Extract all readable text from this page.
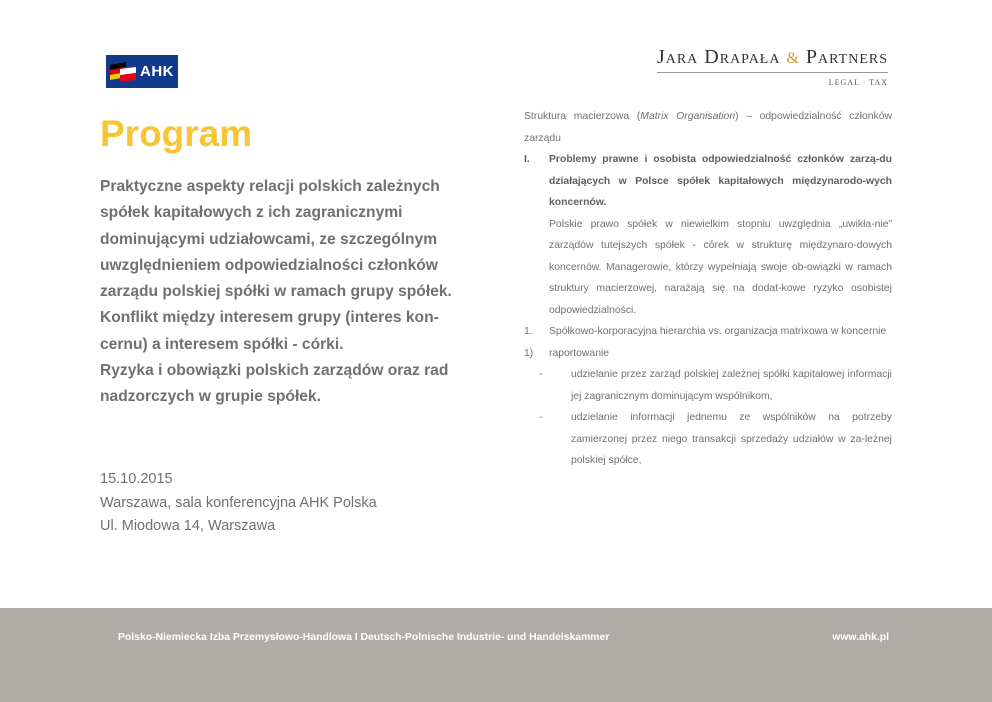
AHK
Jara Drapała & Partners
LEGAL · TAX
Program

Praktyczne aspekty relacji polskich zależnych spółek kapitałowych z ich zagranicznymi dominującymi udziałowcami, ze szczególnym uwzględnieniem odpowiedzialności członków zarządu polskiej spółki w ramach grupy spółek.

Konflikt między interesem grupy (interes kon-cernu) a interesem spółki - córki.

Ryzyka i obowiązki polskich zarządów oraz rad nadzorczych w grupie spółek.

15.10.2015
Warszawa, sala konferencyjna AHK Polska
Ul. Miodowa 14, Warszawa
Struktura macierzowa (Matrix Organisation) – odpowiedzialność członków zarządu
I.	Problemy prawne i osobista odpowiedzialność członków zarzą-du działających w Polsce spółek kapitałowych międzynarodo-wych koncernów.
Polskie prawo spółek w niewielkim stopniu uwzględnia „uwikła-nie” zarządów tutejszych spółek - córek w strukturę międzynaro-dowych koncernów. Managerowie, którzy wypełniają swoje ob-owiązki w ramach struktury macierzowej, narażają się na dodat-kowe ryzyko osobistej odpowiedzialności.
1.	Spółkowo-korporacyjna hierarchia vs. organizacja matrixowa w koncernie
1)	raportowanie
-	udzielanie przez zarząd polskiej zależnej spółki kapitałowej informacji jej zagranicznym dominującym wspólnikom,
-	udzielanie informacji jednemu ze wspólników na potrzeby zamierzonej przez niego transakcji sprzedaży udziałów w za-leżnej polskiej spółce,
Polsko-Niemiecka Izba Przemysłowo-Handlowa I Deutsch-Polnische Industrie- und Handelskammer	www.ahk.pl
